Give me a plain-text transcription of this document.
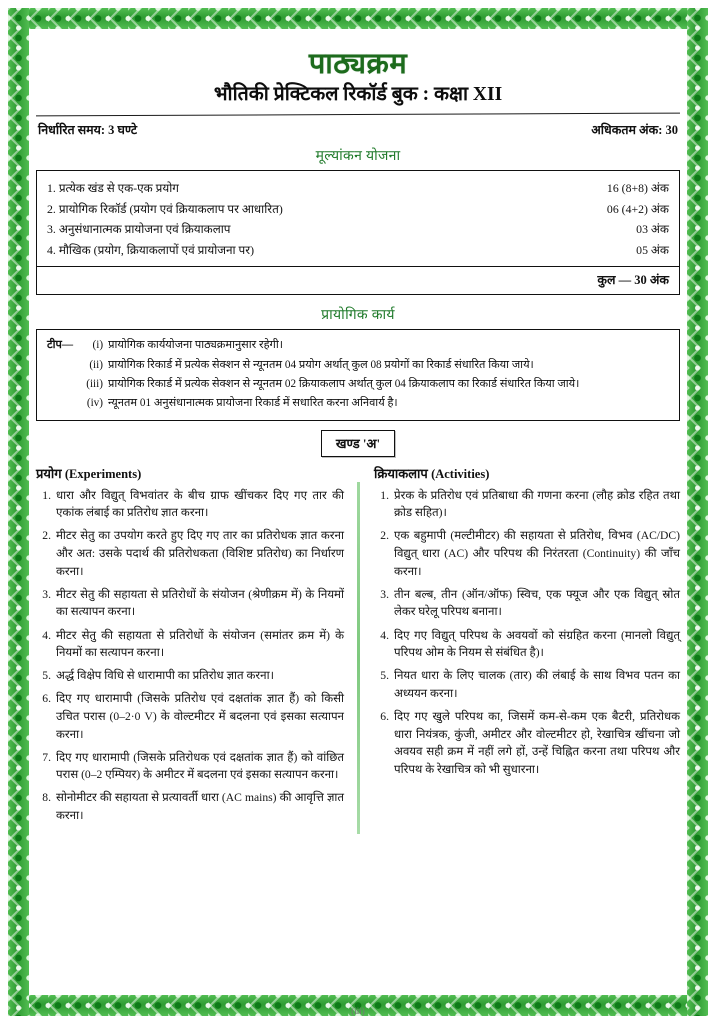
पाठ्यक्रम
भौतिकी प्रेक्टिकल रिकॉर्ड बुक : कक्षा XII
निर्धारित समय: 3 घण्टे	अधिकतम अंक: 30
मूल्यांकन योजना
1. प्रत्येक खंड से एक-एक प्रयोग	16 (8+8) अंक
2. प्रायोगिक रिकॉर्ड (प्रयोग एवं क्रियाकलाप पर आधारित)	06 (4+2) अंक
3. अनुसंधानात्मक प्रायोजना एवं क्रियाकलाप	03 अंक
4. मौखिक (प्रयोग, क्रियाकलापों एवं प्रायोजना पर)	05 अंक
कुल — 30 अंक
प्रायोगिक कार्य
टीप—	(i) प्रायोगिक कार्ययोजना पाठ्यक्रमानुसार रहेगी।
(ii) प्रायोगिक रिकार्ड में प्रत्येक सेक्शन से न्यूनतम 04 प्रयोग अर्थात् कुल 08 प्रयोगों का रिकार्ड संधारित किया जाये।
(iii) प्रायोगिक रिकार्ड में प्रत्येक सेक्शन से न्यूनतम 02 क्रियाकलाप अर्थात् कुल 04 क्रियाकलाप का रिकार्ड संधारित किया जाये।
(iv) न्यूनतम 01 अनुसंधानात्मक प्रायोजना रिकार्ड में सधारित करना अनिवार्य है।
खण्ड 'अ'
प्रयोग (Experiments)
1. धारा और विद्युत् विभवांतर के बीच ग्राफ खींचकर दिए गए तार की एकांक लंबाई का प्रतिरोध ज्ञात करना।
2. मीटर सेतु का उपयोग करते हुए दिए गए तार का प्रतिरोधक ज्ञात करना और अत: उसके पदार्थ की प्रतिरोधकता (विशिष्ट प्रतिरोध) का निर्धारण करना।
3. मीटर सेतु की सहायता से प्रतिरोधों के संयोजन (श्रेणीक्रम में) के नियमों का सत्यापन करना।
4. मीटर सेतु की सहायता से प्रतिरोधों के संयोजन (समांतर क्रम में) के नियमों का सत्यापन करना।
5. अर्द्ध विक्षेप विधि से धारामापी का प्रतिरोध ज्ञात करना।
6. दिए गए धारामापी (जिसके प्रतिरोध एवं दक्षतांक ज्ञात हैं) को किसी उचित परास (0–2·0 V) के वोल्टमीटर में बदलना एवं इसका सत्यापन करना।
7. दिए गए धारामापी (जिसके प्रतिरोधक एवं दक्षतांक ज्ञात हैं) को वांछित परास (0–2 एम्पियर) के अमीटर में बदलना एवं इसका सत्यापन करना।
8. सोनोमीटर की सहायता से प्रत्यावर्ती धारा (AC mains) की आवृत्ति ज्ञात करना।
क्रियाकलाप (Activities)
1. प्रेरक के प्रतिरोध एवं प्रतिबाधा की गणना करना (लौह क्रोड रहित तथा क्रोड सहित)।
2. एक बहुमापी (मल्टीमीटर) की सहायता से प्रतिरोध, विभव (AC/DC) विद्युत् धारा (AC) और परिपथ की निरंतरता (Continuity) की जाँच करना।
3. तीन बल्ब, तीन (ऑन/ऑफ) स्विच, एक फ्यूज और एक विद्युत् स्रोत लेकर घरेलू परिपथ बनाना।
4. दिए गए विद्युत् परिपथ के अवयवों को संग्रहित करना (मानलो विद्युत् परिपथ ओम के नियम से संबंधित है)।
5. नियत धारा के लिए चालक (तार) की लंबाई के साथ विभव पतन का अध्ययन करना।
6. दिए गए खुले परिपथ का, जिसमें कम-से-कम एक बैटरी, प्रतिरोधक धारा नियंत्रक, कुंजी, अमीटर और वोल्टमीटर हो, रेखाचित्र खींचना जो अवयव सही क्रम में नहीं लगे हों, उन्हें चिह्नित करना तथा परिपथ और परिपथ के रेखाचित्र को भी सुधारना।
(iii)
